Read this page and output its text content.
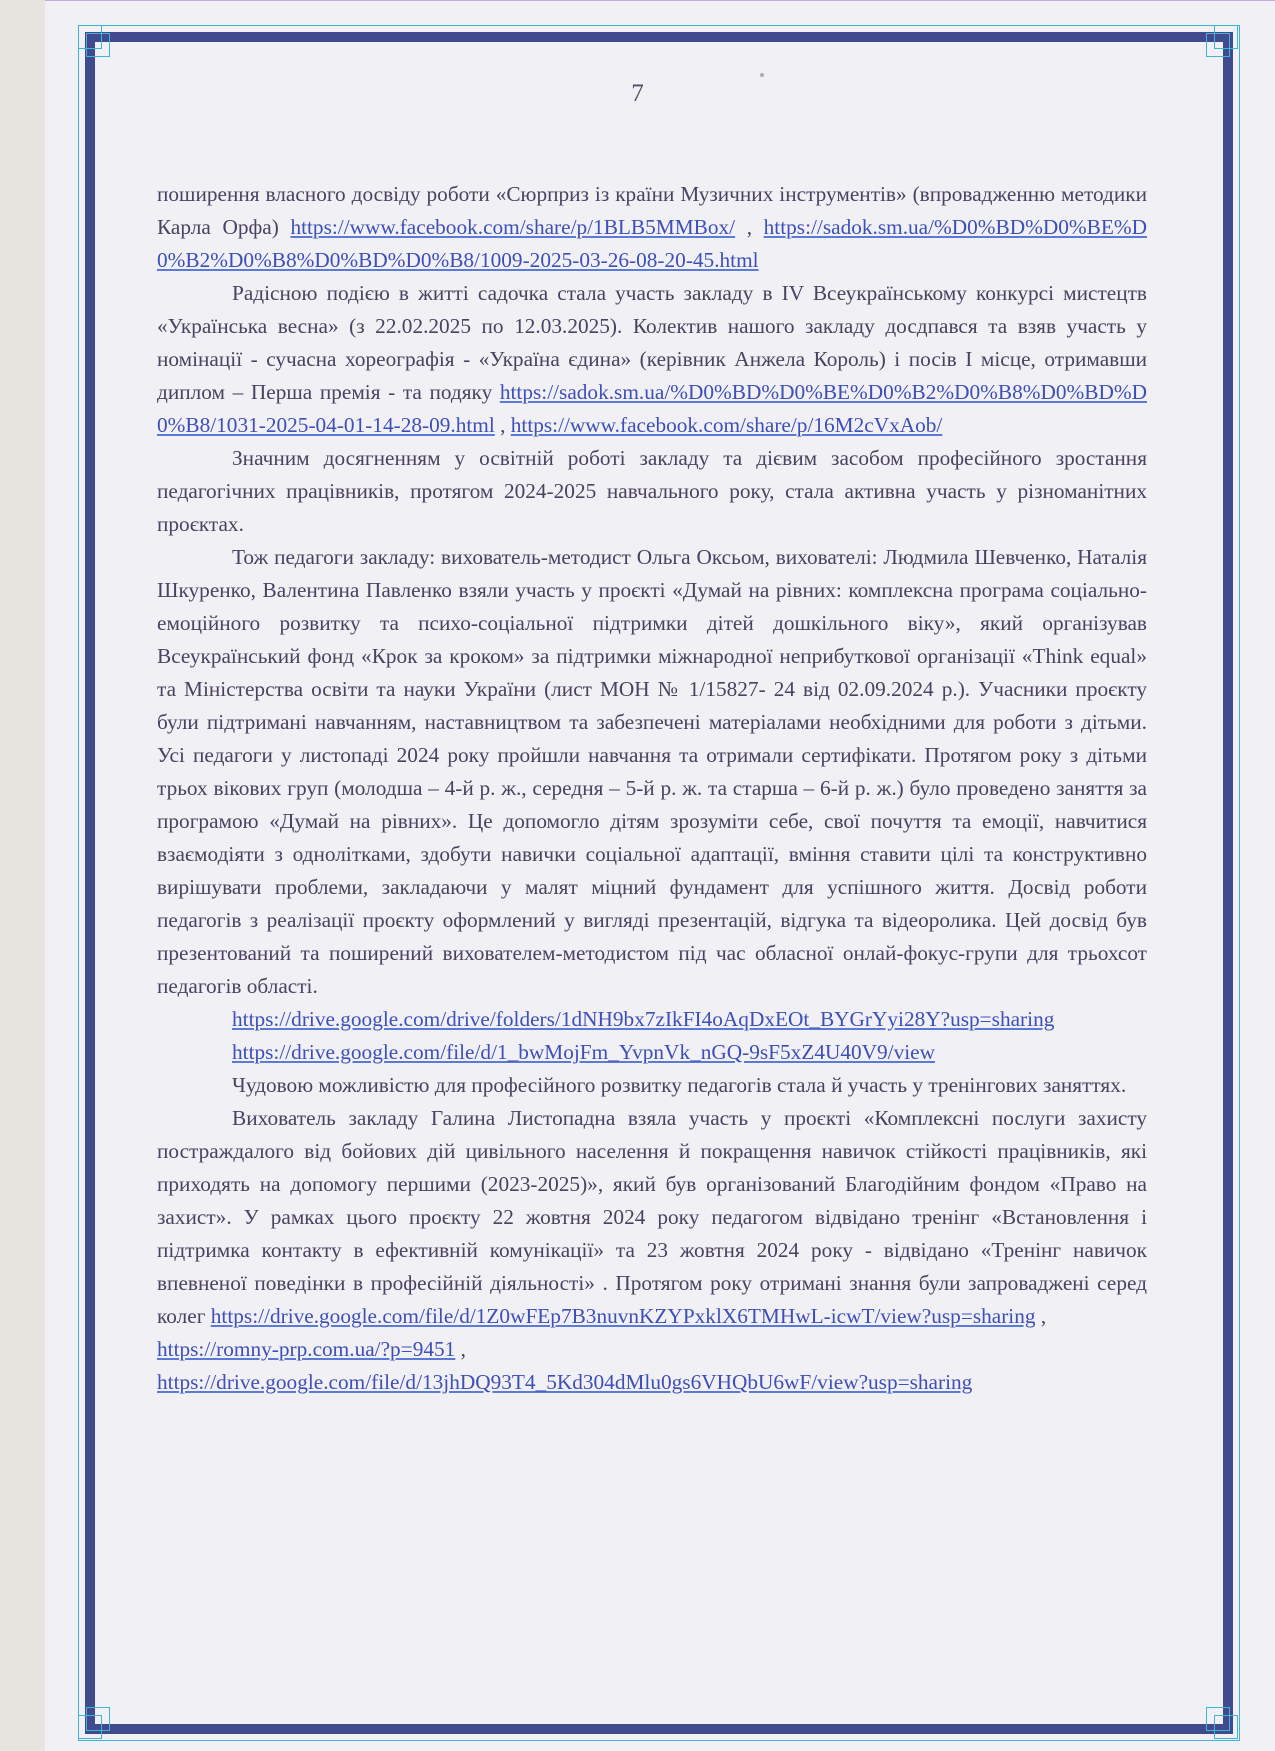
7

поширення власного досвіду роботи «Сюрприз із країни Музичних інструментів» (впровадженню методики Карла Орфа) https://www.facebook.com/share/p/1BLB5MMBox/ , https://sadok.sm.ua/%D0%BD%D0%BE%D0%B2%D0%B8%D0%BD%D0%B8/1009-2025-03-26-08-20-45.html

Радісною подією в житті садочка стала участь закладу в IV Всеукраїнському конкурсі мистецтв «Українська весна» (з 22.02.2025 по 12.03.2025). Колектив нашого закладу досдпався та взяв участь у номінації - сучасна хореографія - «Україна єдина» (керівник Анжела Король) і посів І місце, отримавши диплом – Перша премія - та подяку https://sadok.sm.ua/%D0%BD%D0%BE%D0%B2%D0%B8%D0%BD%D0%B8/1031-2025-04-01-14-28-09.html , https://www.facebook.com/share/p/16M2cVxAob/

Значним досягненням у освітній роботі закладу та дієвим засобом професійного зростання педагогічних працівників, протягом 2024-2025 навчального року, стала активна участь у різноманітних проєктах.

Тож педагоги закладу: вихователь-методист Ольга Оксьом, вихователі: Людмила Шевченко, Наталія Шкуренко, Валентина Павленко взяли участь у проєкті «Думай на рівних: комплексна програма соціально-емоційного розвитку та психо-соціальної підтримки дітей дошкільного віку», який організував Всеукраїнський фонд «Крок за кроком» за підтримки міжнародної неприбуткової організації «Think equal» та Міністерства освіти та науки України (лист МОН № 1/15827- 24 від 02.09.2024 р.). Учасники проєкту були підтримані навчанням, наставництвом та забезпечені матеріалами необхідними для роботи з дітьми. Усі педагоги у листопаді 2024 року пройшли навчання та отримали сертифікати. Протягом року з дітьми трьох вікових груп (молодша – 4-й р. ж., середня – 5-й р. ж. та старша – 6-й р. ж.) було проведено заняття за програмою «Думай на рівних». Це допомогло дітям зрозуміти себе, свої почуття та емоції, навчитися взаємодіяти з однолітками, здобути навички соціальної адаптації, вміння ставити цілі та конструктивно вирішувати проблеми, закладаючи у малят міцний фундамент для успішного життя. Досвід роботи педагогів з реалізації проєкту оформлений у вигляді презентацій, відгука та відеоролика. Цей досвід був презентований та поширений вихователем-методистом під час обласної онлай-фокус-групи для трьохсот педагогів області.

https://drive.google.com/drive/folders/1dNH9bx7zIkFI4oAqDxEOt_BYGrYyi28Y?usp=sharing

https://drive.google.com/file/d/1_bwMojFm_YvpnVk_nGQ-9sF5xZ4U40V9/view

Чудовою можливістю для професійного розвитку педагогів стала й участь у тренінгових заняттях.

Вихователь закладу Галина Листопадна взяла участь у проєкті «Комплексні послуги захисту постраждалого від бойових дій цивільного населення й покращення навичок стійкості працівників, які приходять на допомогу першими (2023-2025)», який був організований Благодійним фондом «Право на захист». У рамках цього проєкту 22 жовтня 2024 року педагогом відвідано тренінг «Встановлення і підтримка контакту в ефективній комунікації» та 23 жовтня 2024 року - відвідано «Тренінг навичок впевненої поведінки в професійній діяльності» . Протягом року отримані знання були запроваджені серед колег https://drive.google.com/file/d/1Z0wFEp7B3nuvnKZYPxklX6TMHwL-icwT/view?usp=sharing ,

https://romny-prp.com.ua/?p=9451 ,

https://drive.google.com/file/d/13jhDQ93T4_5Kd304dMlu0gs6VHQbU6wF/view?usp=sharing
